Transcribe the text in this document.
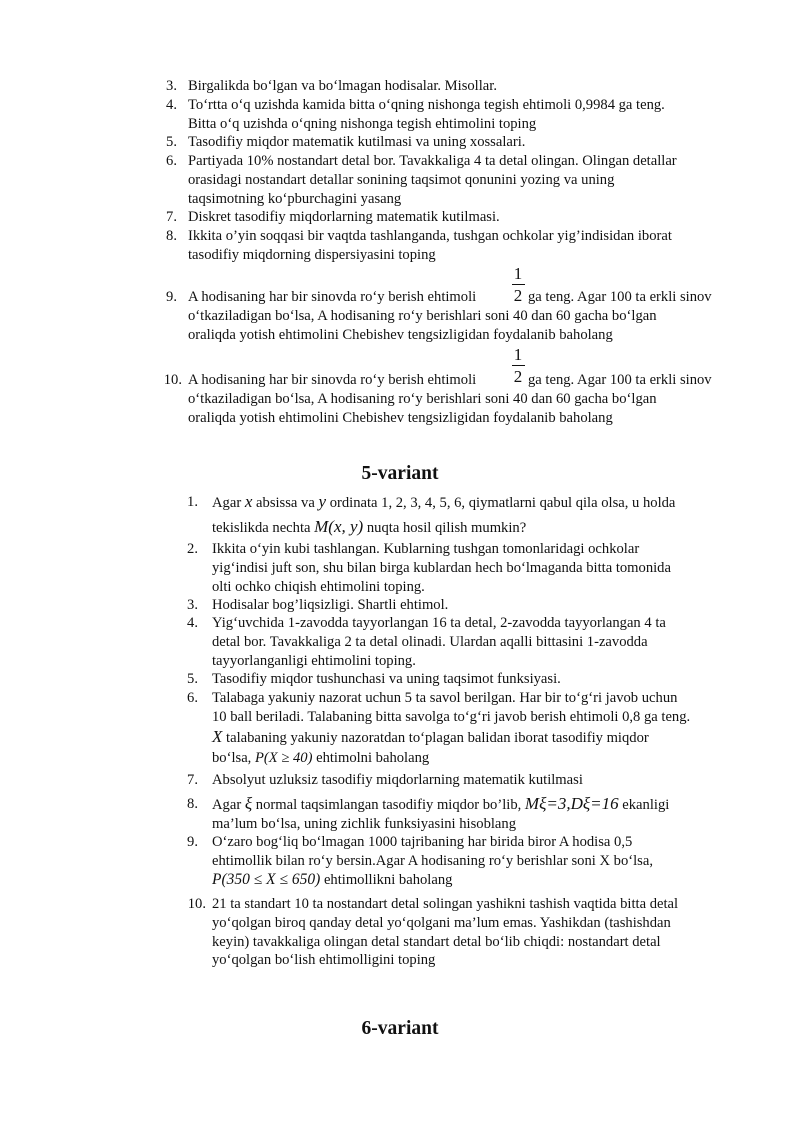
3. Birgalikda bo‘lgan va bo‘lmagan hodisalar. Misollar.
4. To‘rtta o‘q uzishda kamida bitta o‘qning nishonga tegish ehtimoli 0,9984 ga teng.
Bitta o‘q uzishda o‘qning nishonga tegish ehtimolini toping
5. Tasodifiy miqdor matematik kutilmasi va uning xossalari.
6. Partiyada 10% nostandart detal bor. Tavakkaliga 4 ta detal olingan. Olingan detallar
orasidagi nostandart detallar sonining taqsimot qonunini yozing va uning
taqsimotning ko‘pburchagini yasang
7. Diskret tasodifiy miqdorlarning matematik kutilmasi.
8. Ikkita o’yin soqqasi bir vaqtda tashlanganda, tushgan ochkolar yig’indisidan iborat
tasodifiy miqdorning dispersiyasini toping
1
2
9. A hodisaning har bir sinovda ro‘y berish ehtimoli	ga teng. Agar 100 ta erkli sinov
o‘tkaziladigan bo‘lsa, A hodisaning ro‘y berishlari soni 40 dan 60 gacha bo‘lgan
oraliqda yotish ehtimolini Chebishev tengsizligidan foydalanib baholang
1
2
10. A hodisaning har bir sinovda ro‘y berish ehtimoli	ga teng. Agar 100 ta erkli sinov
o‘tkaziladigan bo‘lsa, A hodisaning ro‘y berishlari soni 40 dan 60 gacha bo‘lgan
oraliqda yotish ehtimolini Chebishev tengsizligidan foydalanib baholang
5-variant
1. Agar x absissa va y ordinata 1, 2, 3, 4, 5, 6, qiymatlarni qabul qila olsa, u holda
tekislikda nechta M(x, y) nuqta hosil qilish mumkin?
2. Ikkita o‘yin kubi tashlangan. Kublarning tushgan tomonlaridagi ochkolar
yig‘indisi juft son, shu bilan birga kublardan hech bo‘lmaganda bitta tomonida
olti ochko chiqish ehtimolini toping.
3. Hodisalar bog’liqsizligi. Shartli ehtimol.
4. Yig‘uvchida 1-zavodda tayyorlangan 16 ta detal, 2-zavodda tayyorlangan 4 ta
detal bor. Tavakkaliga 2 ta detal olinadi. Ulardan aqalli bittasini 1-zavodda
tayyorlanganligi ehtimolini toping.
5. Tasodifiy miqdor tushunchasi va uning taqsimot funksiyasi.
6. Talabaga yakuniy nazorat uchun 5 ta savol berilgan. Har bir to‘g‘ri javob uchun
10 ball beriladi. Talabaning bitta savolga to‘g‘ri javob berish ehtimoli 0,8 ga teng.
X talabaning yakuniy nazoratdan to‘plagan balidan iborat tasodifiy miqdor
bo‘lsa, P(X ≥ 40) ehtimolni baholang
7. Absolyut uzluksiz tasodifiy miqdorlarning matematik kutilmasi
8. Agar ξ normal taqsimlangan tasodifiy miqdor bo’lib, Mξ=3,Dξ=16 ekanligi
ma’lum bo‘lsa, uning zichlik funksiyasini hisoblang
9. O‘zaro bog‘liq bo‘lmagan 1000 tajribaning har birida biror A hodisa 0,5
ehtimollik bilan ro‘y bersin.Agar A hodisaning ro‘y berishlar soni X bo‘lsa,
P(350 ≤ X ≤ 650) ehtimollikni baholang
10. 21 ta standart 10 ta nostandart detal solingan yashikni tashish vaqtida bitta detal
yo‘qolgan biroq qanday detal yo‘qolgani ma’lum emas. Yashikdan (tashishdan
keyin) tavakkaliga olingan detal standart detal bo‘lib chiqdi: nostandart detal
yo‘qolgan bo‘lish ehtimolligini toping
6-variant
